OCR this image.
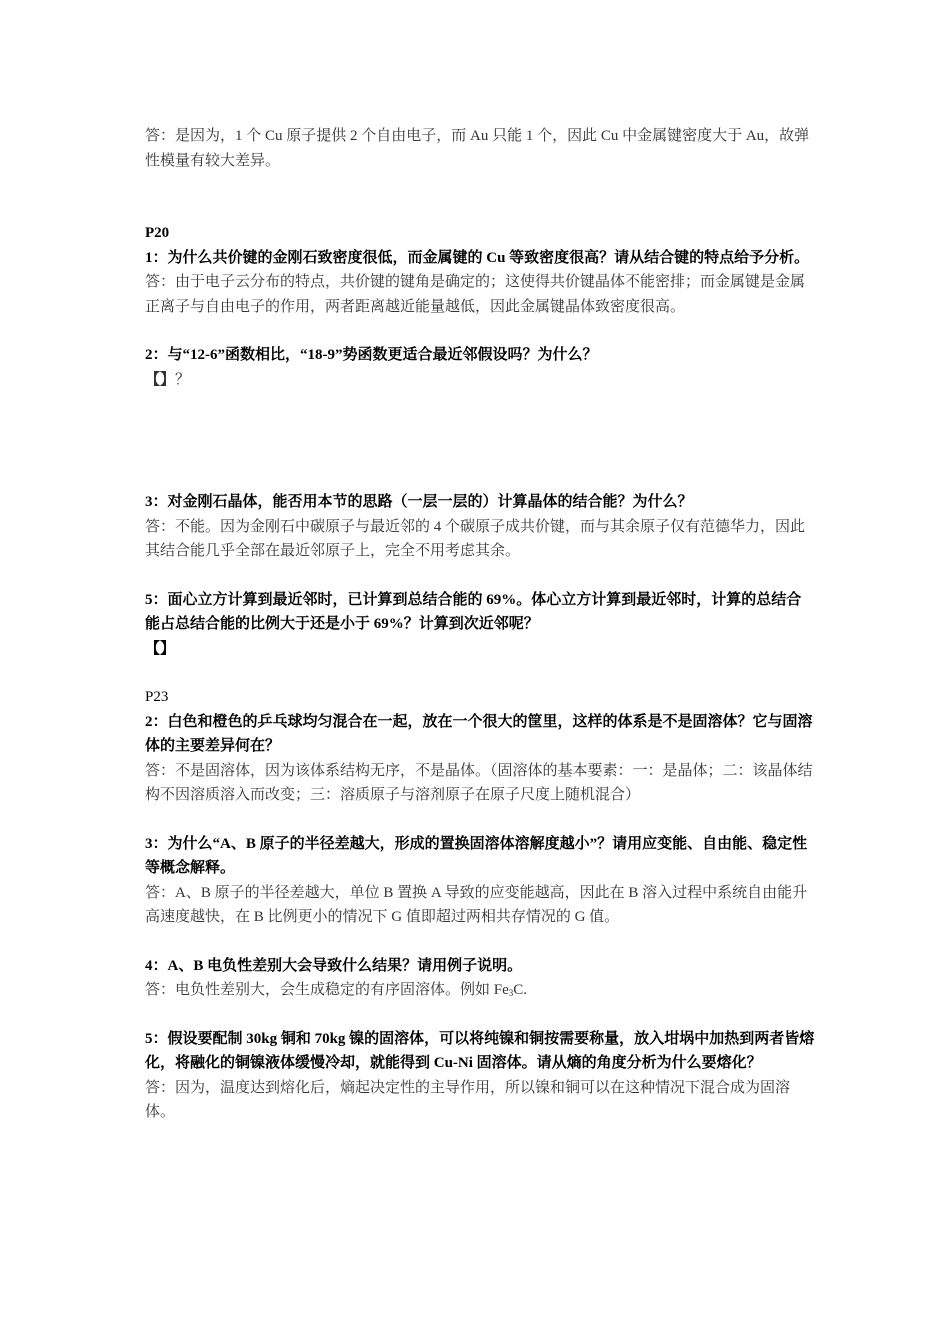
答：是因为，1 个 Cu 原子提供 2 个自由电子，而 Au 只能 1 个，因此 Cu 中金属键密度大于 Au，故弹性模量有较大差异。

P20

1：为什么共价键的金刚石致密度很低，而金属键的 Cu 等致密度很高？请从结合键的特点给予分析。

答：由于电子云分布的特点，共价键的键角是确定的；这使得共价键晶体不能密排；而金属键是金属正离子与自由电子的作用，两者距离越近能量越低，因此金属键晶体致密度很高。

2：与“12-6”函数相比，“18-9”势函数更适合最近邻假设吗？为什么？

【】？

3：对金刚石晶体，能否用本节的思路（一层一层的）计算晶体的结合能？为什么？

答：不能。因为金刚石中碳原子与最近邻的 4 个碳原子成共价键，而与其余原子仅有范德华力，因此其结合能几乎全部在最近邻原子上，完全不用考虑其余。

5：面心立方计算到最近邻时，已计算到总结合能的 69%。体心立方计算到最近邻时，计算的总结合能占总结合能的比例大于还是小于 69%？计算到次近邻呢？

【】

P23

2：白色和橙色的乒乓球均匀混合在一起，放在一个很大的筐里，这样的体系是不是固溶体？它与固溶体的主要差异何在？

答：不是固溶体，因为该体系结构无序，不是晶体。（固溶体的基本要素：一：是晶体；二：该晶体结构不因溶质溶入而改变；三：溶质原子与溶剂原子在原子尺度上随机混合）

3：为什么“A、B 原子的半径差越大，形成的置换固溶体溶解度越小”？请用应变能、自由能、稳定性等概念解释。

答：A、B 原子的半径差越大，单位 B 置换 A 导致的应变能越高，因此在 B 溶入过程中系统自由能升高速度越快，在 B 比例更小的情况下 G 值即超过两相共存情况的 G 值。

4：A、B 电负性差别大会导致什么结果？请用例子说明。

答：电负性差别大，会生成稳定的有序固溶体。例如 $Fe_3C$.

5：假设要配制 30kg 铜和 70kg 镍的固溶体，可以将纯镍和铜按需要称量，放入坩埚中加热到两者皆熔化，将融化的铜镍液体缓慢冷却，就能得到 Cu-Ni 固溶体。请从熵的角度分析为什么要熔化？

答：因为，温度达到熔化后，熵起决定性的主导作用，所以镍和铜可以在这种情况下混合成为固溶体。
